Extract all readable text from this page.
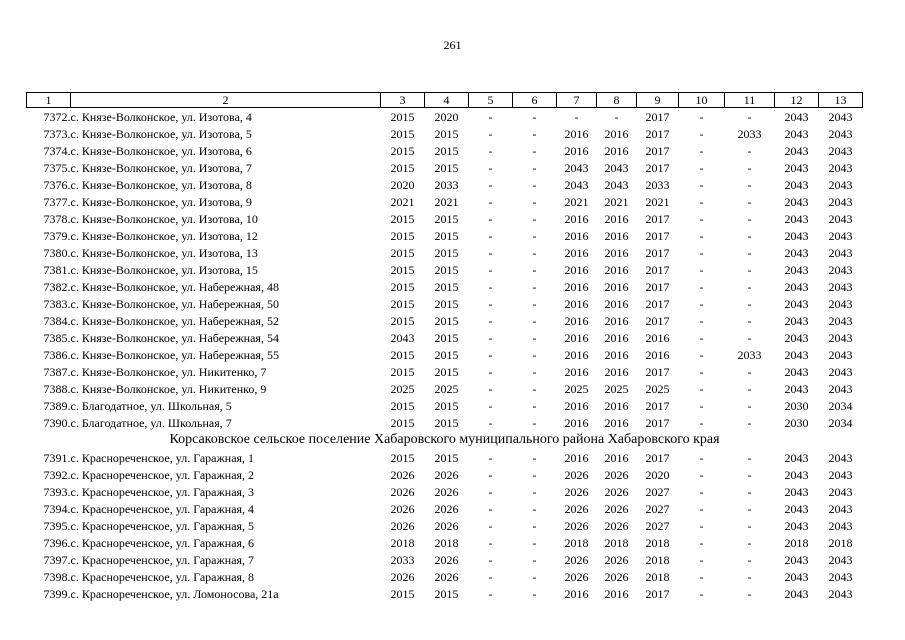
261
1	2	3	4	5	6	7	8	9	10	11	12	13
7372.	с. Князе-Волконское, ул. Изотова, 4	2015	2020	-	-	-	-	2017	-	-	2043	2043
7373.	с. Князе-Волконское, ул. Изотова, 5	2015	2015	-	-	2016	2016	2017	-	2033	2043	2043
7374.	с. Князе-Волконское, ул. Изотова, 6	2015	2015	-	-	2016	2016	2017	-	-	2043	2043
7375.	с. Князе-Волконское, ул. Изотова, 7	2015	2015	-	-	2043	2043	2017	-	-	2043	2043
7376.	с. Князе-Волконское, ул. Изотова, 8	2020	2033	-	-	2043	2043	2033	-	-	2043	2043
7377.	с. Князе-Волконское, ул. Изотова, 9	2021	2021	-	-	2021	2021	2021	-	-	2043	2043
7378.	с. Князе-Волконское, ул. Изотова, 10	2015	2015	-	-	2016	2016	2017	-	-	2043	2043
7379.	с. Князе-Волконское, ул. Изотова, 12	2015	2015	-	-	2016	2016	2017	-	-	2043	2043
7380.	с. Князе-Волконское, ул. Изотова, 13	2015	2015	-	-	2016	2016	2017	-	-	2043	2043
7381.	с. Князе-Волконское, ул. Изотова, 15	2015	2015	-	-	2016	2016	2017	-	-	2043	2043
7382.	с. Князе-Волконское, ул. Набережная, 48	2015	2015	-	-	2016	2016	2017	-	-	2043	2043
7383.	с. Князе-Волконское, ул. Набережная, 50	2015	2015	-	-	2016	2016	2017	-	-	2043	2043
7384.	с. Князе-Волконское, ул. Набережная, 52	2015	2015	-	-	2016	2016	2017	-	-	2043	2043
7385.	с. Князе-Волконское, ул. Набережная, 54	2043	2015	-	-	2016	2016	2016	-	-	2043	2043
7386.	с. Князе-Волконское, ул. Набережная, 55	2015	2015	-	-	2016	2016	2016	-	2033	2043	2043
7387.	с. Князе-Волконское, ул. Никитенко, 7	2015	2015	-	-	2016	2016	2017	-	-	2043	2043
7388.	с. Князе-Волконское, ул. Никитенко, 9	2025	2025	-	-	2025	2025	2025	-	-	2043	2043
7389.	с. Благодатное, ул. Школьная, 5	2015	2015	-	-	2016	2016	2017	-	-	2030	2034
7390.	с. Благодатное, ул. Школьная, 7	2015	2015	-	-	2016	2016	2017	-	-	2030	2034
Корсаковское сельское поселение Хабаровского муниципального района Хабаровского края												
7391.	с. Краснореченское, ул. Гаражная, 1	2015	2015	-	-	2016	2016	2017	-	-	2043	2043
7392.	с. Краснореченское, ул. Гаражная, 2	2026	2026	-	-	2026	2026	2020	-	-	2043	2043
7393.	с. Краснореченское, ул. Гаражная, 3	2026	2026	-	-	2026	2026	2027	-	-	2043	2043
7394.	с. Краснореченское, ул. Гаражная, 4	2026	2026	-	-	2026	2026	2027	-	-	2043	2043
7395.	с. Краснореченское, ул. Гаражная, 5	2026	2026	-	-	2026	2026	2027	-	-	2043	2043
7396.	с. Краснореченское, ул. Гаражная, 6	2018	2018	-	-	2018	2018	2018	-	-	2018	2018
7397.	с. Краснореченское, ул. Гаражная, 7	2033	2026	-	-	2026	2026	2018	-	-	2043	2043
7398.	с. Краснореченское, ул. Гаражная, 8	2026	2026	-	-	2026	2026	2018	-	-	2043	2043
7399.	с. Краснореченское, ул. Ломоносова, 21а	2015	2015	-	-	2016	2016	2017	-	-	2043	2043
